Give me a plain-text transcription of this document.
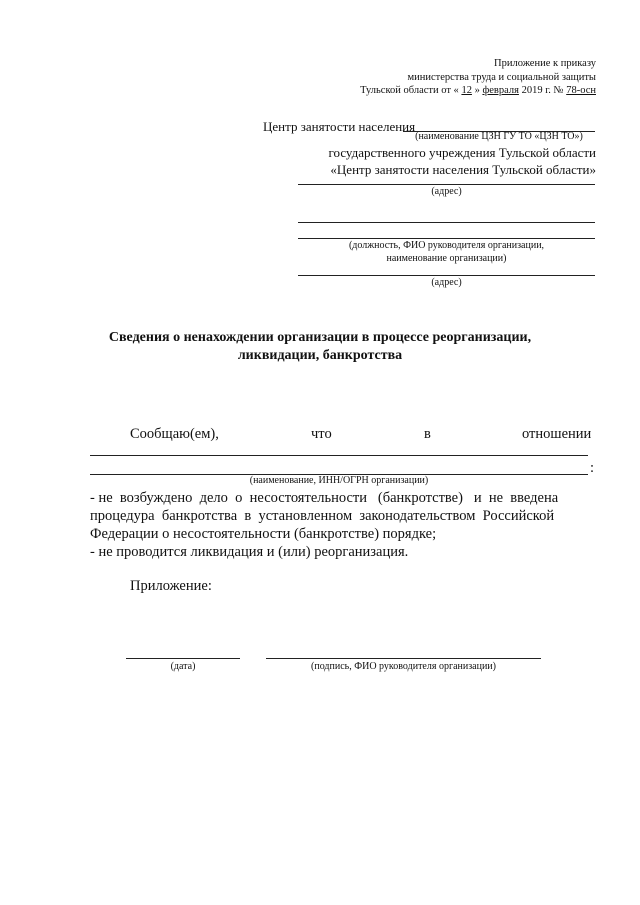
Приложение к приказу
министерства труда и социальной защиты
Тульской области от « 12 » февраля 2019 г. № 78-осн
Центр занятости населения
(наименование ЦЗН ГУ ТО «ЦЗН ТО»)
государственного учреждения Тульской области
«Центр занятости населения Тульской области»
(адрес)
(должность, ФИО руководителя организации,
наименование организации)
(адрес)
Сведения о ненахождении организации в процессе реорганизации,
ликвидации, банкротства
Сообщаю(ем),	что	в	отношении
:
(наименование, ИНН/ОГРН организации)
- не  возбуждено  дело  о  несостоятельности   (банкротстве)   и  не  введена
процедура  банкротства  в  установленном  законодательством  Российской
Федерации о несостоятельности (банкротстве) порядке;
- не проводится ликвидация и (или) реорганизация.
Приложение:
(дата)	(подпись, ФИО руководителя организации)
